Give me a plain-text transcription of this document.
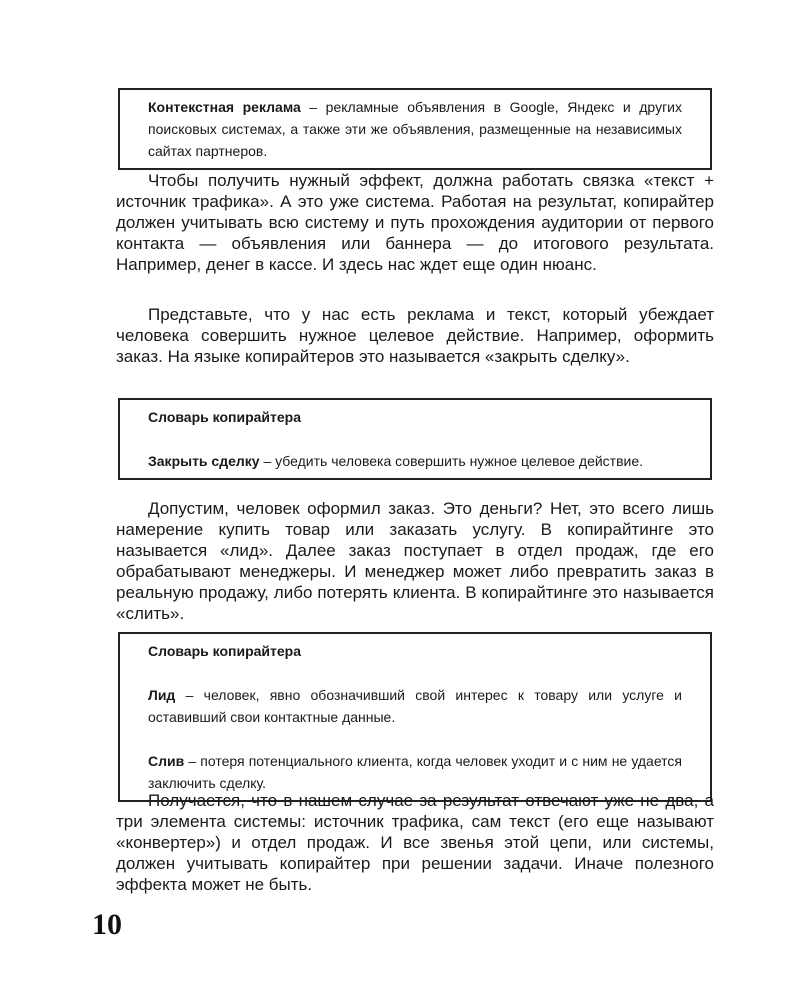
Контекстная реклама – рекламные объявления в Google, Яндекс и других поисковых системах, а также эти же объявления, размещенные на независимых сайтах партнеров.

Чтобы получить нужный эффект, должна работать связка «текст + источник трафика». А это уже система. Работая на результат, копирайтер должен учитывать всю систему и путь прохождения аудитории от первого контакта — объявления или баннера — до итогового результата. Например, денег в кассе. И здесь нас ждет еще один нюанс.

Представьте, что у нас есть реклама и текст, который убеждает человека совершить нужное целевое действие. Например, оформить заказ. На языке копирайтеров это называется «закрыть сделку».

Словарь копирайтера

Закрыть сделку – убедить человека совершить нужное целевое действие.

Допустим, человек оформил заказ. Это деньги? Нет, это всего лишь намерение купить товар или заказать услугу. В копирайтинге это называется «лид». Далее заказ поступает в отдел продаж, где его обрабатывают менеджеры. И менеджер может либо превратить заказ в реальную продажу, либо потерять клиента. В копирайтинге это называется «слить».

Словарь копирайтера

Лид – человек, явно обозначивший свой интерес к товару или услуге и оставивший свои контактные данные.

Слив – потеря потенциального клиента, когда человек уходит и с ним не удается заключить сделку.

Получается, что в нашем случае за результат отвечают уже не два, а три элемента системы: источник трафика, сам текст (его еще называют «конвертер») и отдел продаж. И все звенья этой цепи, или системы, должен учитывать копирайтер при решении задачи. Иначе полезного эффекта может не быть.

10
